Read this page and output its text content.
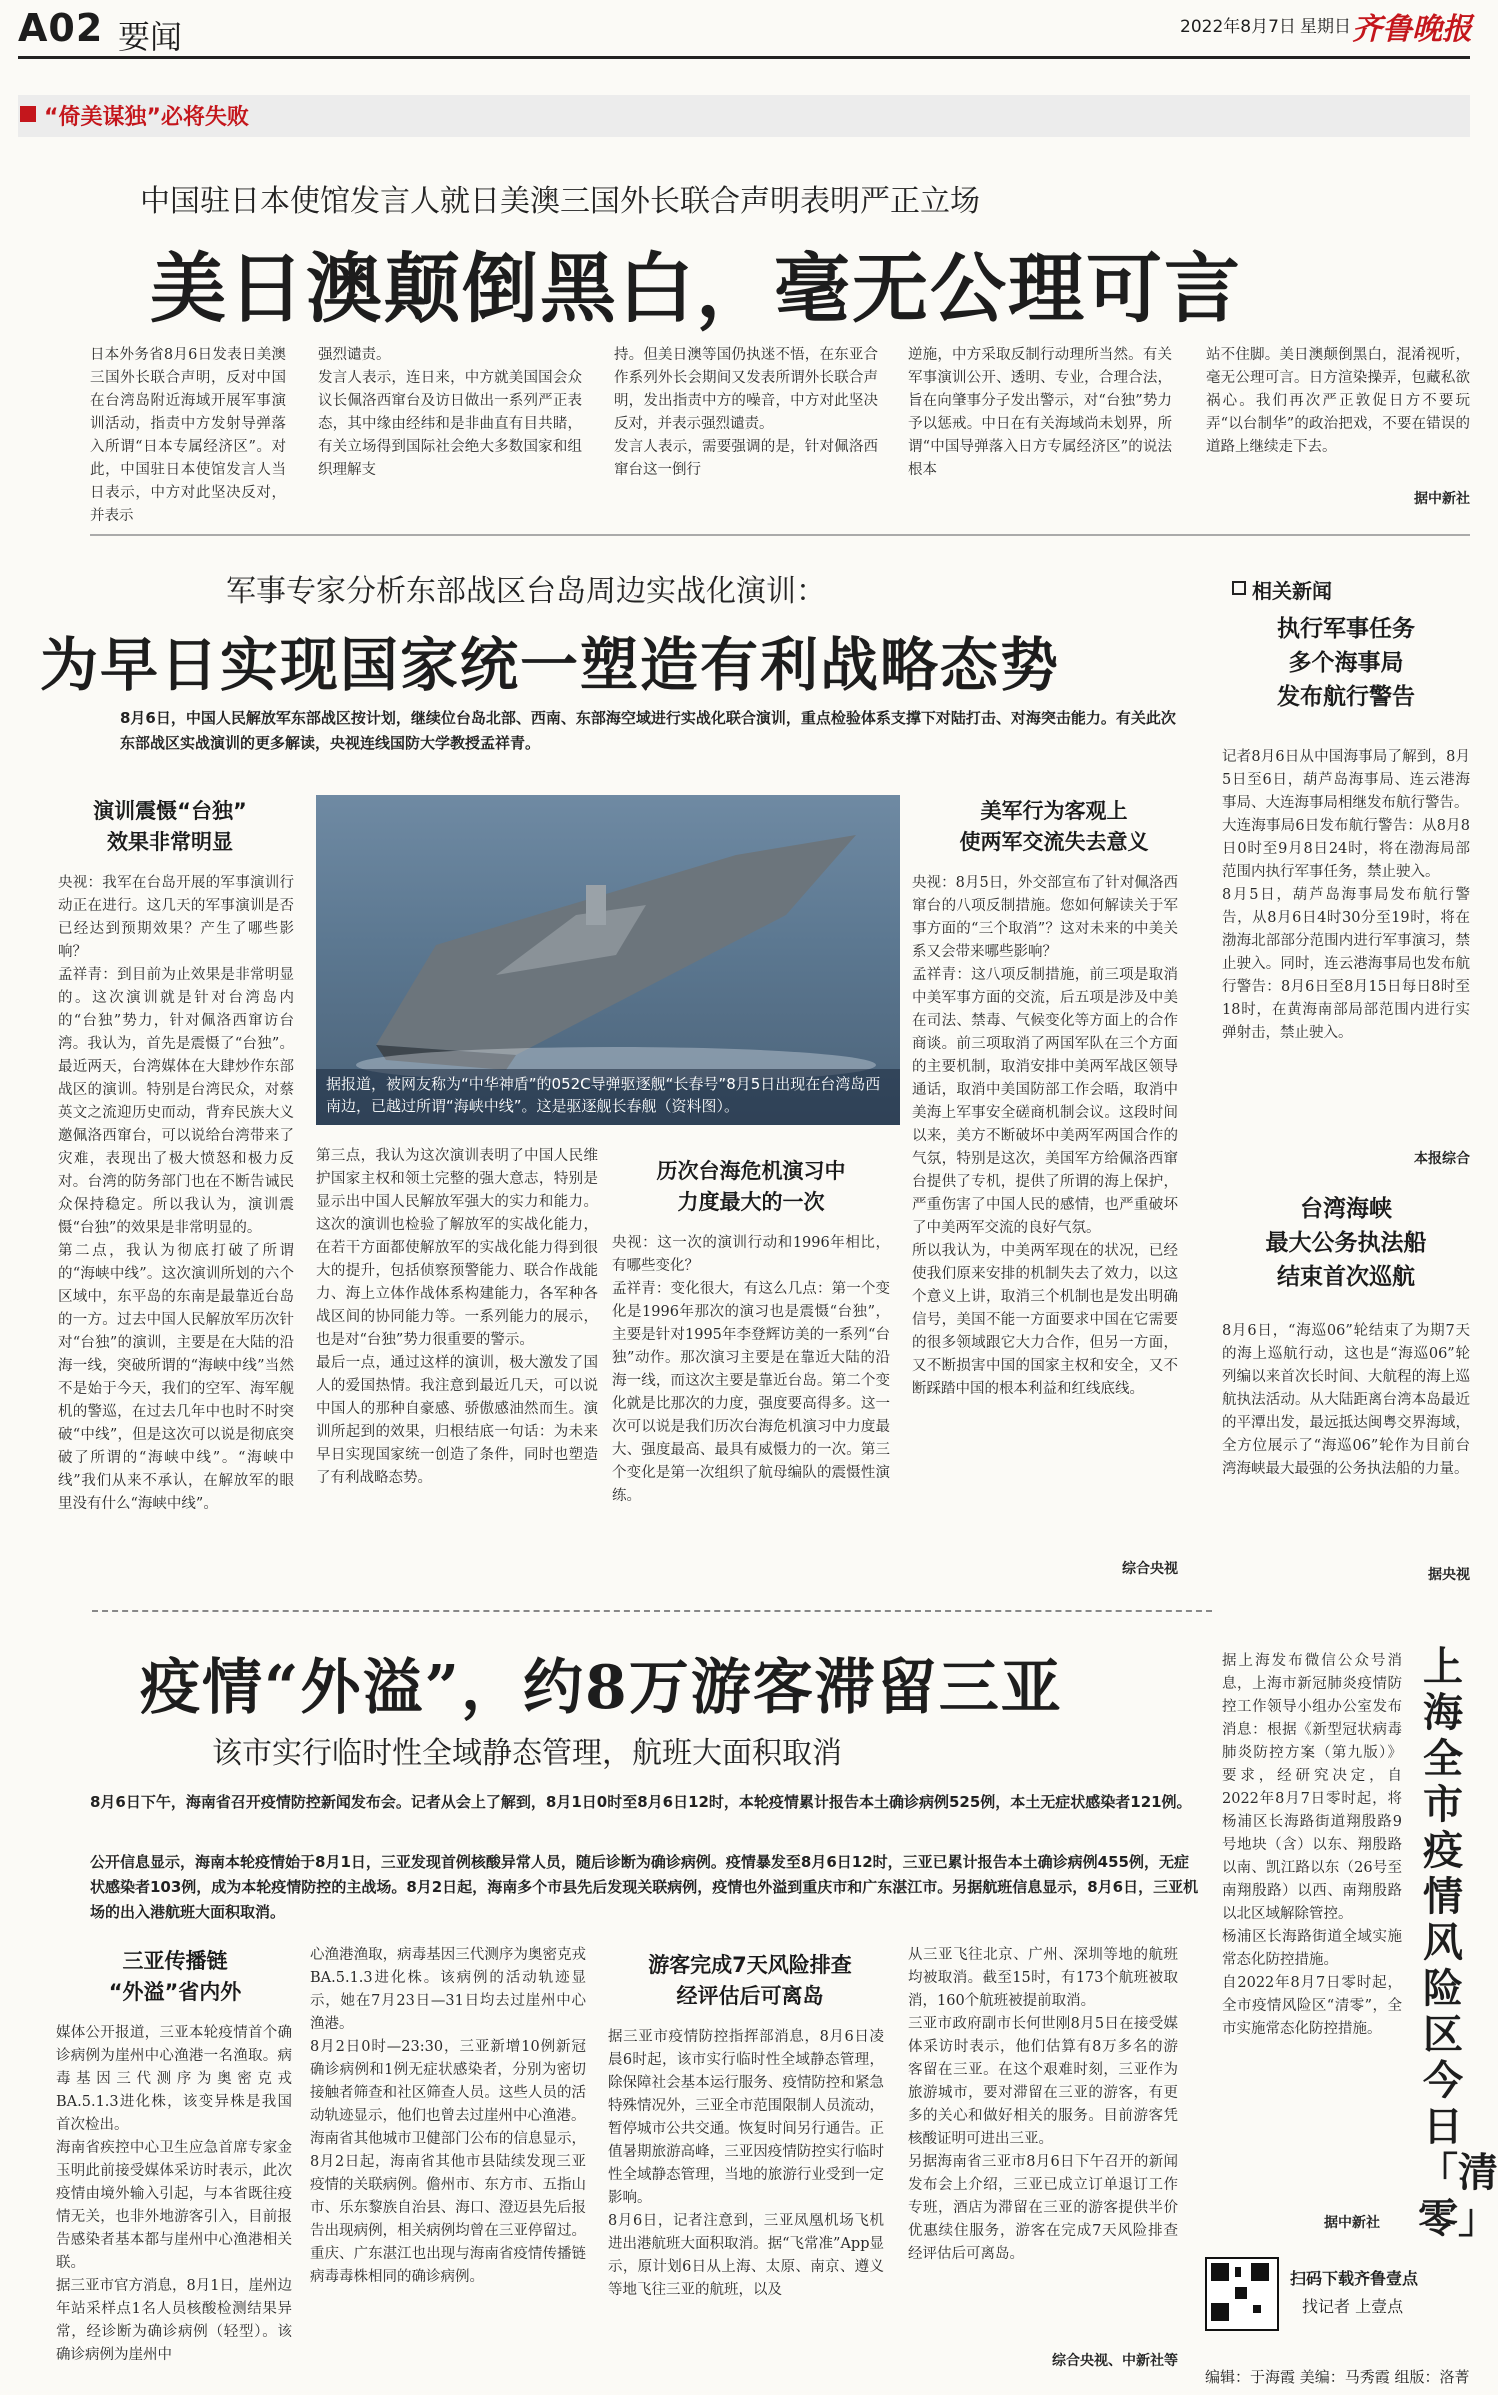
A02 要闻	2022年8月7日 星期日 齐鲁晚报
“倚美谋独”必将失败
中国驻日本使馆发言人就日美澳三国外长联合声明表明严正立场
美日澳颠倒黑白，毫无公理可言
日本外务省8月6日发表日美澳三国外长联合声明，反对中国在台湾岛附近海域开展军事演训活动，指责中方发射导弹落入所谓“日本专属经济区”。对此，中国驻日本使馆发言人当日表示，中方对此坚决反对，并表示
强烈谴责。
发言人表示，连日来，中方就美国国会众议长佩洛西窜台及访日做出一系列严正表态，其中缘由经纬和是非曲直有目共睹，有关立场得到国际社会绝大多数国家和组织理解支
持。但美日澳等国仍执迷不悟，在东亚合作系列外长会期间又发表所谓外长联合声明，发出指责中方的噪音，中方对此坚决反对，并表示强烈谴责。
发言人表示，需要强调的是，针对佩洛西窜台这一倒行
逆施，中方采取反制行动理所当然。有关军事演训公开、透明、专业，合理合法，旨在向肇事分子发出警示，对“台独”势力予以惩戒。中日在有关海域尚未划界，所谓“中国导弹落入日方专属经济区”的说法根本
站不住脚。美日澳颠倒黑白，混淆视听，毫无公理可言。日方渲染操弄，包藏私欲祸心。我们再次严正敦促日方不要玩弄“以台制华”的政治把戏，不要在错误的道路上继续走下去。
据中新社
军事专家分析东部战区台岛周边实战化演训：
为早日实现国家统一塑造有利战略态势
8月6日，中国人民解放军东部战区按计划，继续位台岛北部、西南、东部海空域进行实战化联合演训，重点检验体系支撑下对陆打击、对海突击能力。有关此次东部战区实战演训的更多解读，央视连线国防大学教授孟祥青。
演训震慑“台独”
效果非常明显
央视：我军在台岛开展的军事演训行动正在进行。这几天的军事演训是否已经达到预期效果？产生了哪些影响？
孟祥青：到目前为止效果是非常明显的。这次演训就是针对台湾岛内的“台独”势力，针对佩洛西窜访台湾。我认为，首先是震慑了“台独”。最近两天，台湾媒体在大肆炒作东部战区的演训。特别是台湾民众，对蔡英文之流迎历史而动，背弃民族大义邀佩洛西窜台，可以说给台湾带来了灾难，表现出了极大愤怒和极力反对。台湾的防务部门也在不断告诫民众保持稳定。所以我认为，演训震慑“台独”的效果是非常明显的。
第二点，我认为彻底打破了所谓的“海峡中线”。这次演训所划的六个区域中，东平岛的东南是最靠近台岛的一方。过去中国人民解放军历次针对“台独”的演训，主要是在大陆的沿海一线，突破所谓的“海峡中线”当然不是始于今天，我们的空军、海军舰机的警巡，在过去几年中也时不时突破“中线”，但是这次可以说是彻底突破了所谓的“海峡中线”。“海峡中线”我们从来不承认，在解放军的眼里没有什么“海峡中线”。
据报道，被网友称为“中华神盾”的052C导弹驱逐舰“长春号”8月5日出现在台湾岛西南边，已越过所谓“海峡中线”。这是驱逐舰长春舰（资料图）。
第三点，我认为这次演训表明了中国人民维护国家主权和领土完整的强大意志，特别是显示出中国人民解放军强大的实力和能力。这次的演训也检验了解放军的实战化能力，在若干方面都使解放军的实战化能力得到很大的提升，包括侦察预警能力、联合作战能力、海上立体作战体系构建能力，各军种各战区间的协同能力等。一系列能力的展示，也是对“台独”势力很重要的警示。
最后一点，通过这样的演训，极大激发了国人的爱国热情。我注意到最近几天，可以说中国人的那种自豪感、骄傲感油然而生。演训所起到的效果，归根结底一句话：为未来早日实现国家统一创造了条件，同时也塑造了有利战略态势。
历次台海危机演习中
力度最大的一次
央视：这一次的演训行动和1996年相比，有哪些变化？
孟祥青：变化很大，有这么几点：第一个变化是1996年那次的演习也是震慑“台独”，主要是针对1995年李登辉访美的一系列“台独”动作。那次演习主要是在靠近大陆的沿海一线，而这次主要是靠近台岛。第二个变化就是比那次的力度，强度要高得多。这一次可以说是我们历次台海危机演习中力度最大、强度最高、最具有威慑力的一次。第三个变化是第一次组织了航母编队的震慑性演练。
美军行为客观上
使两军交流失去意义
央视：8月5日，外交部宣布了针对佩洛西窜台的八项反制措施。您如何解读关于军事方面的“三个取消”？这对未来的中美关系又会带来哪些影响？
孟祥青：这八项反制措施，前三项是取消中美军事方面的交流，后五项是涉及中美在司法、禁毒、气候变化等方面上的合作商谈。前三项取消了两国军队在三个方面的主要机制，取消安排中美两军战区领导通话，取消中美国防部工作会晤，取消中美海上军事安全磋商机制会议。这段时间以来，美方不断破坏中美两军两国合作的气氛，特别是这次，美国军方给佩洛西窜台提供了专机，提供了所谓的海上保护，严重伤害了中国人民的感情，也严重破坏了中美两军交流的良好气氛。
所以我认为，中美两军现在的状况，已经使我们原来安排的机制失去了效力，以这个意义上讲，取消三个机制也是发出明确信号，美国不能一方面要求中国在它需要的很多领域跟它大力合作，但另一方面，又不断损害中国的国家主权和安全，又不断踩踏中国的根本利益和红线底线。
综合央视
相关新闻
执行军事任务
多个海事局
发布航行警告
记者8月6日从中国海事局了解到，8月5日至6日，葫芦岛海事局、连云港海事局、大连海事局相继发布航行警告。
大连海事局6日发布航行警告：从8月8日0时至9月8日24时，将在渤海局部范围内执行军事任务，禁止驶入。
8月5日，葫芦岛海事局发布航行警告，从8月6日4时30分至19时，将在渤海北部部分范围内进行军事演习，禁止驶入。同时，连云港海事局也发布航行警告：8月6日至8月15日每日8时至18时，在黄海南部局部范围内进行实弹射击，禁止驶入。
本报综合
台湾海峡
最大公务执法船
结束首次巡航
8月6日，“海巡06”轮结束了为期7天的海上巡航行动，这也是“海巡06”轮列编以来首次长时间、大航程的海上巡航执法活动。从大陆距离台湾本岛最近的平潭出发，最远抵达闽粤交界海域，全方位展示了“海巡06”轮作为目前台湾海峡最大最强的公务执法船的力量。
据央视
疫情“外溢”，约8万游客滞留三亚
该市实行临时性全域静态管理，航班大面积取消
8月6日下午，海南省召开疫情防控新闻发布会。记者从会上了解到，8月1日0时至8月6日12时，本轮疫情累计报告本土确诊病例525例，本土无症状感染者121例。
公开信息显示，海南本轮疫情始于8月1日，三亚发现首例核酸异常人员，随后诊断为确诊病例。疫情暴发至8月6日12时，三亚已累计报告本土确诊病例455例，无症状感染者103例，成为本轮疫情防控的主战场。8月2日起，海南多个市县先后发现关联病例，疫情也外溢到重庆市和广东湛江市。另据航班信息显示，8月6日，三亚机场的出入港航班大面积取消。
三亚传播链
“外溢”省内外
媒体公开报道，三亚本轮疫情首个确诊病例为崖州中心渔港一名渔取。病毒基因三代测序为奥密克戎BA.5.1.3进化株，该变异株是我国首次检出。
海南省疾控中心卫生应急首席专家金玉明此前接受媒体采访时表示，此次疫情由境外输入引起，与本省既往疫情无关，也非外地游客引入，目前报告感染者基本都与崖州中心渔港相关联。
据三亚市官方消息，8月1日，崖州边年站采样点1名人员核酸检测结果异常，经诊断为确诊病例（轻型）。该确诊病例为崖州中
心渔港渔取，病毒基因三代测序为奥密克戎BA.5.1.3进化株。该病例的活动轨迹显示，她在7月23日—31日均去过崖州中心渔港。
8月2日0时—23:30，三亚新增10例新冠确诊病例和1例无症状感染者，分别为密切接触者筛查和社区筛查人员。这些人员的活动轨迹显示，他们也曾去过崖州中心渔港。
海南省其他城市卫健部门公布的信息显示，8月2日起，海南省其他市县陆续发现三亚疫情的关联病例。儋州市、东方市、五指山市、乐东黎族自治县、海口、澄迈县先后报告出现病例，相关病例均曾在三亚停留过。重庆、广东湛江也出现与海南省疫情传播链病毒毒株相同的确诊病例。
游客完成7天风险排查
经评估后可离岛
据三亚市疫情防控指挥部消息，8月6日凌晨6时起，该市实行临时性全域静态管理，除保障社会基本运行服务、疫情防控和紧急特殊情况外，三亚全市范围限制人员流动，暂停城市公共交通。恢复时间另行通告。正值暑期旅游高峰，三亚因疫情防控实行临时性全域静态管理，当地的旅游行业受到一定影响。
8月6日，记者注意到，三亚凤凰机场飞机进出港航班大面积取消。据“飞常准”App显示，原计划6日从上海、太原、南京、遵义等地飞往三亚的航班，以及
从三亚飞往北京、广州、深圳等地的航班均被取消。截至15时，有173个航班被取消，160个航班被提前取消。
三亚市政府副市长何世刚8月5日在接受媒体采访时表示，他们估算有8万多名的游客留在三亚。在这个艰难时刻，三亚作为旅游城市，要对滞留在三亚的游客，有更多的关心和做好相关的服务。目前游客凭核酸证明可进出三亚。
另据海南省三亚市8月6日下午召开的新闻发布会上介绍，三亚已成立订单退订工作专班，酒店为滞留在三亚的游客提供半价优惠续住服务，游客在完成7天风险排查经评估后可离岛。
综合央视、中新社等
据上海发布微信公众号消息，上海市新冠肺炎疫情防控工作领导小组办公室发布消息：根据《新型冠状病毒肺炎防控方案（第九版）》要求，经研究决定，自2022年8月7日零时起，将杨浦区长海路街道翔殷路9号地块（含）以东、翔殷路以南、凯江路以东（26号至南翔殷路）以西、南翔殷路以北区域解除管控。
杨浦区长海路街道全域实施常态化防控措施。
自2022年8月7日零时起，全市疫情风险区“清零”，全市实施常态化防控措施。
上海全市疫情风险区今日「清零」
据中新社
扫码下载齐鲁壹点
找记者 上壹点
编辑：于海霞 美编：马秀霞 组版：洛菁
